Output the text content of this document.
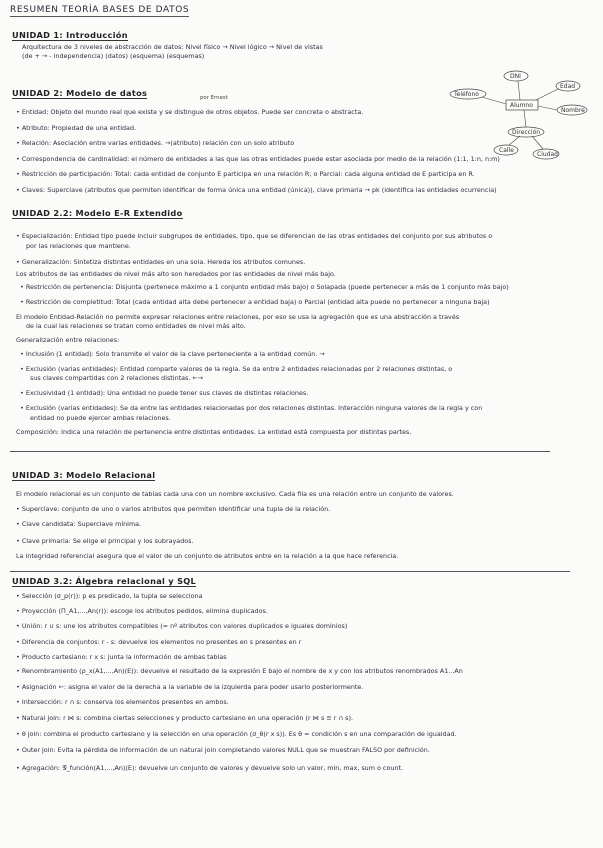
RESUMEN TEORÍA BASES DE DATOS
UNIDAD 1: Introducción
Arquitectura de 3 niveles de abstracción de datos: Nivel físico → Nivel lógico → Nivel de vistas
(de + → - independencia) (datos) (esquema) (esquemas)
DNI
Edad
Teléfono
Alumno
Nombre
Dirección
Calle
Ciudad
UNIDAD 2: Modelo de datos	por Ernest
• Entidad: Objeto del mundo real que existe y se distingue de otros objetos. Puede ser concreta o abstracta.
• Atributo: Propiedad de una entidad.
• Relación: Asociación entre varias entidades. →(atributo) relación con un solo atributo
• Correspondencia de cardinalidad: el número de entidades a las que las otras entidades puede estar asociada por medio de la relación (1:1, 1:n, n:m)
• Restricción de participación: Total: cada entidad de conjunto E participa en una relación R; o Parcial: cada alguna entidad de E participa en R.
• Claves: Superclave (atributos que permiten identificar de forma única una entidad (única)), clave primaria → pk (identifica las entidades ocurrencia)
UNIDAD 2.2: Modelo E-R Extendido
• Especialización: Entidad tipo puede incluir subgrupos de entidades, tipo, que se diferencian de las otras entidades del conjunto por sus atributos o
por las relaciones que mantiene.
• Generalización: Sintetiza distintas entidades en una sola. Hereda los atributos comunes.
Los atributos de las entidades de nivel más alto son heredados por las entidades de nivel más bajo.
• Restricción de pertenencia: Disjunta (pertenece máximo a 1 conjunto entidad más bajo) o Solapada (puede pertenecer a más de 1 conjunto más bajo)
• Restricción de completitud: Total (cada entidad alta debe pertenecer a entidad baja) o Parcial (entidad alta puede no pertenecer a ninguna baja)
El modelo Entidad-Relación no permite expresar relaciones entre relaciones, por eso se usa la agregación que es una abstracción a través
de la cual las relaciones se tratan como entidades de nivel más alto.
Generalización entre relaciones:
• Inclusión (1 entidad): Solo transmite el valor de la clave perteneciente a la entidad común. →
• Exclusión (varias entidades): Entidad comparte valores de la regla. Se da entre 2 entidades relacionadas por 2 relaciones distintas, o
sus claves compartidas con 2 relaciones distintas. ←→
• Exclusividad (1 entidad): Una entidad no puede tener sus claves de distintas relaciones.
• Exclusión (varias entidades): Se da entre las entidades relacionadas por dos relaciones distintas. Interacción ninguna valores de la regla y con
entidad no puede ejercer ambas relaciones.
Composición: Indica una relación de pertenencia entre distintas entidades. La entidad está compuesta por distintas partes.
UNIDAD 3: Modelo Relacional
El modelo relacional es un conjunto de tablas cada una con un nombre exclusivo. Cada fila es una relación entre un conjunto de valores.
• Superclave: conjunto de uno o varios atributos que permiten identificar una tupla de la relación.
• Clave candidata: Superclave mínima.
• Clave primaria: Se elige el principal y los subrayados.
La integridad referencial asegura que el valor de un conjunto de atributos entre en la relación a la que hace referencia.
UNIDAD 3.2: Álgebra relacional y SQL
• Selección (σ_p(r)): p es predicado, la tupla se selecciona
• Proyección (Π_A1,...,An(r)): escoge los atributos pedidos, elimina duplicados.
• Unión: r ∪ s: une los atributos compatibles (= nº atributos con valores duplicados e iguales dominios)
• Diferencia de conjuntos: r - s: devuelve los elementos no presentes en s presentes en r
• Producto cartesiano: r x s: junta la información de ambas tablas
• Renombramiento (ρ_x(A1,...,An)(E)): devuelve el resultado de la expresión E bajo el nombre de x y con los atributos renombrados A1...An
• Asignación ←: asigna el valor de la derecha a la variable de la izquierda para poder usarlo posteriormente.
• Intersección: r ∩ s: conserva los elementos presentes en ambos.
• Natural join: r ⋈ s: combina ciertas selecciones y producto cartesiano en una operación (r ⋈ s ≡ r ∩ s).
• θ join: combina el producto cartesiano y la selección en una operación (σ_θ(r x s)). Es θ = condición s en una comparación de igualdad.
• Outer join: Evita la pérdida de información de un natural join completando valores NULL que se muestran FALSO por definición.
• Agregación: 𝒢_función(A1,...,An)(E): devuelve un conjunto de valores y devuelve solo un valor, min, max, sum o count.
